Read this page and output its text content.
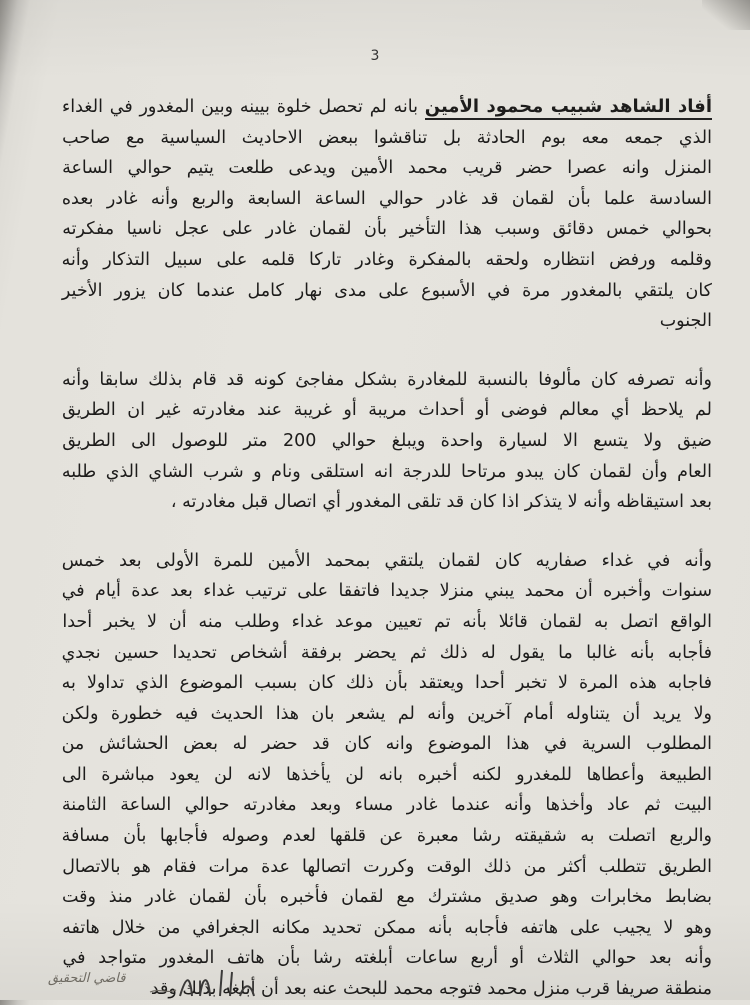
3
أفاد الشاهد شبيب محمود الأمين بانه لم تحصل خلوة بيينه وبين المغدور في الغداء
الذي جمعه معه بوم الحادثة بل تناقشوا ببعض الاحاديث السياسية مع صاحب
المنزل وانه عصرا حضر قريب محمد الأمين ويدعى طلعت يتيم حوالي الساعة
السادسة علما بأن لقمان قد غادر حوالي الساعة السابعة والربع وأنه غادر بعده
بحوالي خمس دقائق وسبب هذا التأخير بأن لقمان غادر على عجل ناسيا مفكرته
وقلمه ورفض انتظاره ولحقه بالمفكرة وغادر تاركا قلمه على سبيل التذكار وأنه
كان يلتقي بالمغدور مرة في الأسبوع على مدى نهار كامل عندما كان يزور الأخير
الجنوب
وأنه تصرفه كان مألوفا بالنسبة للمغادرة بشكل مفاجئ كونه قد قام بذلك سابقا وأنه
لم يلاحظ أي معالم فوضى أو أحداث مريبة أو غريبة عند مغادرته غير ان الطريق
ضيق ولا يتسع الا لسيارة واحدة ويبلغ حوالي 200 متر للوصول الى الطريق
العام وأن لقمان كان يبدو مرتاحا للدرجة انه استلقى ونام و شرب الشاي الذي طلبه
بعد استيقاظه وأنه لا يتذكر اذا كان قد تلقى المغدور أي اتصال قبل مغادرته ،
وأنه في غداء صفاريه كان لقمان يلتقي بمحمد الأمين للمرة الأولى بعد خمس
سنوات وأخبره أن محمد يبني منزلا جديدا فاتفقا على ترتيب غداء بعد عدة أيام في
الواقع اتصل به لقمان قائلا بأنه تم تعيين موعد غداء وطلب منه أن لا يخبر أحدا
فأجابه بأنه غالبا ما يقول له ذلك ثم يحضر برفقة أشخاص تحديدا حسين نجدي
فاجابه هذه المرة لا تخبر أحدا ويعتقد بأن ذلك كان بسبب الموضوع الذي تداولا به
ولا يريد أن يتناوله أمام آخرين وأنه لم يشعر بان هذا الحديث فيه خطورة ولكن
المطلوب السرية في هذا الموضوع وانه كان قد حضر له بعض الحشائش من
الطبيعة وأعطاها للمغدرو لكنه أخبره بانه لن يأخذها لانه لن يعود مباشرة الى
البيت ثم عاد وأخذها وأنه عندما غادر مساء وبعد مغادرته حوالي الساعة الثامنة
والربع اتصلت به شقيقته رشا معبرة عن قلقها لعدم وصوله فأجابها بأن مسافة
الطريق تتطلب أكثر من ذلك الوقت وكررت اتصالها عدة مرات فقام هو بالاتصال
بضابط مخابرات وهو صديق مشترك مع لقمان فأخبره بأن لقمان غادر منذ وقت
وهو لا يجيب على هاتفه فأجابه بأنه ممكن تحديد مكانه الجغرافي من خلال هاتفه
وأنه بعد حوالي الثلاث أو أربع ساعات أبلغته رشا بأن هاتف المغدور متواجد في
منطقة صريفا قرب منزل محمد فتوجه محمد للبحث عنه بعد أن أبلغه بذلك وقد
قاضي التحقيق
